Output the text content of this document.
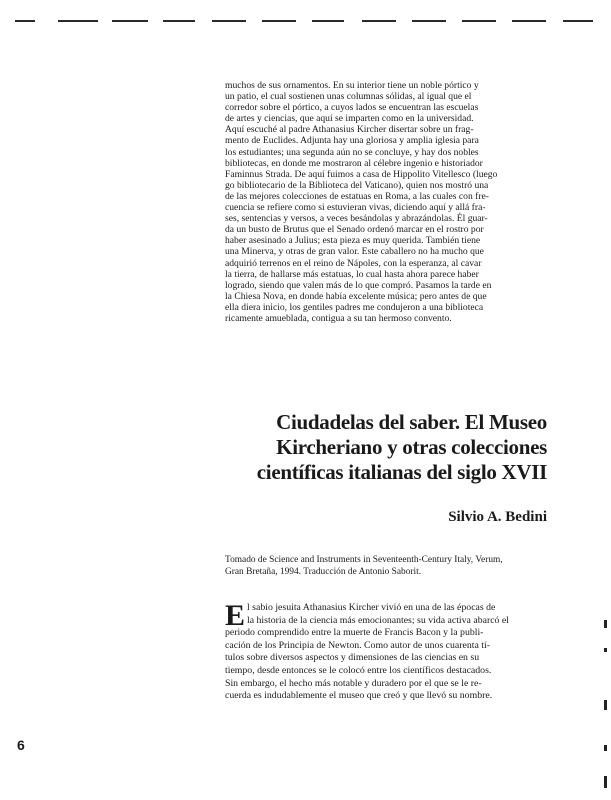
muchos de sus ornamentos. En su interior tiene un noble pórtico y
un patio, el cual sostienen unas columnas sólidas, al igual que el
corredor sobre el pórtico, a cuyos lados se encuentran las escuelas
de artes y ciencias, que aquí se imparten como en la universidad.
Aquí escuché al padre Athanasius Kircher disertar sobre un frag-
mento de Euclides. Adjunta hay una gloriosa y amplia iglesia para
los estudiantes; una segunda aún no se concluye, y hay dos nobles
bibliotecas, en donde me mostraron al célebre ingenio e historiador
Faminnus Strada. De aquí fuimos a casa de Hippolito Vitellesco (luego
go bibliotecario de la Biblioteca del Vaticano), quien nos mostró una
de las mejores colecciones de estatuas en Roma, a las cuales con fre-
cuencia se refiere como si estuvieran vivas, diciendo aquí y allá fra-
ses, sentencias y versos, a veces besándolas y abrazándolas. Él guar-
da un busto de Brutus que el Senado ordenó marcar en el rostro por
haber asesinado a Julius; esta pieza es muy querida. También tiene
una Minerva, y otras de gran valor. Este caballero no ha mucho que
adquirió terrenos en el reino de Nápoles, con la esperanza, al cavar
la tierra, de hallarse más estatuas, lo cual hasta ahora parece haber
logrado, siendo que valen más de lo que compró. Pasamos la tarde en
la Chiesa Nova, en donde había excelente música; pero antes de que
ella diera inicio, los gentiles padres me condujeron a una biblioteca
ricamente amueblada, contigua a su tan hermoso convento.

Ciudadelas del saber. El Museo
Kircheriano y otras colecciones
científicas italianas del siglo XVII

Silvio A. Bedini

Tomado de Science and Instruments in Seventeenth-Century Italy, Verum,
Gran Bretaña, 1994. Traducción de Antonio Saborit.

E l sabio jesuita Athanasius Kircher vivió en una de las épocas de
la historia de la ciencia más emocionantes; su vida activa abarcó el
periodo comprendido entre la muerte de Francis Bacon y la publi-
cación de los Principia de Newton. Como autor de unos cuarenta tí-
tulos sobre diversos aspectos y dimensiones de las ciencias en su
tiempo, desde entonces se le colocó entre los científicos destacados.
Sin embargo, el hecho más notable y duradero por el que se le re-
cuerda es indudablemente el museo que creó y que llevó su nombre.

6
